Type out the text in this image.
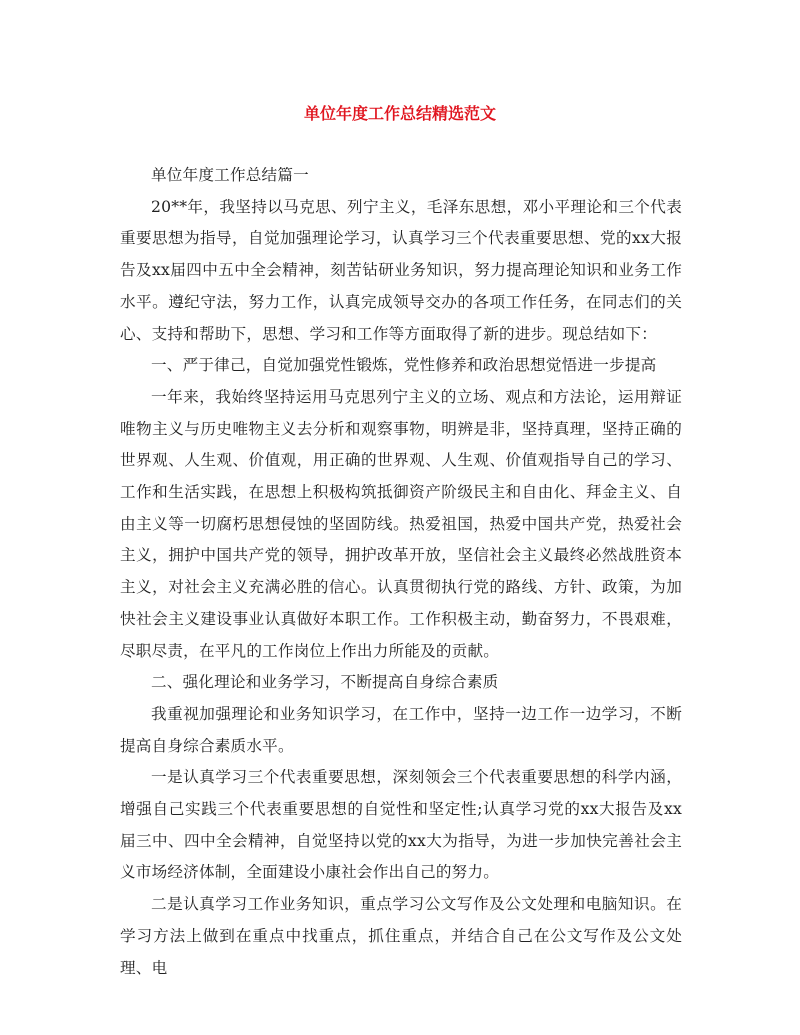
单位年度工作总结精选范文

单位年度工作总结篇一

20**年，我坚持以马克思、列宁主义，毛泽东思想，邓小平理论和三个代表重要思想为指导，自觉加强理论学习，认真学习三个代表重要思想、党的xx大报告及xx届四中五中全会精神，刻苦钻研业务知识，努力提高理论知识和业务工作水平。遵纪守法，努力工作，认真完成领导交办的各项工作任务，在同志们的关心、支持和帮助下，思想、学习和工作等方面取得了新的进步。现总结如下：

一、严于律己，自觉加强党性锻炼，党性修养和政治思想觉悟进一步提高

一年来，我始终坚持运用马克思列宁主义的立场、观点和方法论，运用辩证唯物主义与历史唯物主义去分析和观察事物，明辨是非，坚持真理，坚持正确的世界观、人生观、价值观，用正确的世界观、人生观、价值观指导自己的学习、工作和生活实践，在思想上积极构筑抵御资产阶级民主和自由化、拜金主义、自由主义等一切腐朽思想侵蚀的坚固防线。热爱祖国，热爱中国共产党，热爱社会主义，拥护中国共产党的领导，拥护改革开放，坚信社会主义最终必然战胜资本主义，对社会主义充满必胜的信心。认真贯彻执行党的路线、方针、政策，为加快社会主义建设事业认真做好本职工作。工作积极主动，勤奋努力，不畏艰难，尽职尽责，在平凡的工作岗位上作出力所能及的贡献。

二、强化理论和业务学习，不断提高自身综合素质

我重视加强理论和业务知识学习，在工作中，坚持一边工作一边学习，不断提高自身综合素质水平。

一是认真学习三个代表重要思想，深刻领会三个代表重要思想的科学内涵，增强自己实践三个代表重要思想的自觉性和坚定性;认真学习党的xx大报告及xx届三中、四中全会精神，自觉坚持以党的xx大为指导，为进一步加快完善社会主义市场经济体制，全面建设小康社会作出自己的努力。

二是认真学习工作业务知识，重点学习公文写作及公文处理和电脑知识。在学习方法上做到在重点中找重点，抓住重点，并结合自己在公文写作及公文处理、电
